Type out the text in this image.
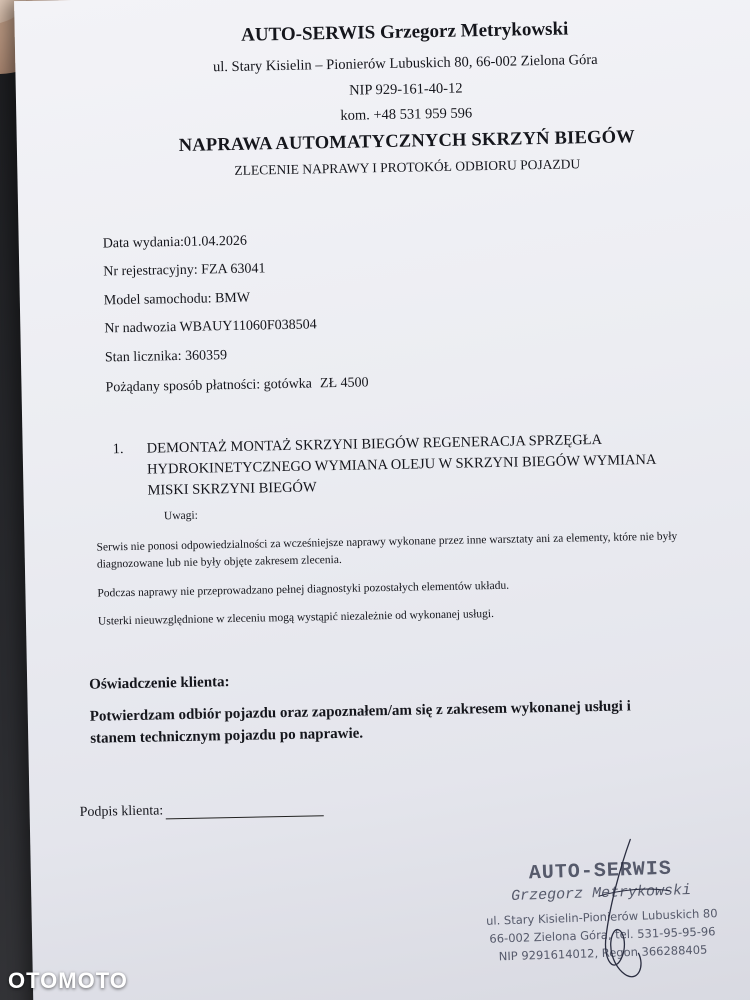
AUTO-SERWIS Grzegorz Metrykowski
ul. Stary Kisielin – Pionierów Lubuskich 80, 66-002 Zielona Góra
NIP 929-161-40-12
kom. +48 531 959 596
NAPRAWA AUTOMATYCZNYCH SKRZYŃ BIEGÓW
ZLECENIE NAPRAWY I PROTOKÓŁ ODBIORU POJAZDU
Data wydania:01.04.2026
Nr rejestracyjny: FZA 63041
Model samochodu: BMW
Nr nadwozia WBAUY11060F038504
Stan licznika: 360359
Pożądany sposób płatności: gotówka ZŁ 4500
1.	DEMONTAŻ MONTAŻ SKRZYNI BIEGÓW REGENERACJA SPRZĘGŁA HYDROKINETYCZNEGO WYMIANA OLEJU W SKRZYNI BIEGÓW WYMIANA MISKI SKRZYNI BIEGÓW
Uwagi:
Serwis nie ponosi odpowiedzialności za wcześniejsze naprawy wykonane przez inne warsztaty ani za elementy, które nie były diagnozowane lub nie były objęte zakresem zlecenia.
Podczas naprawy nie przeprowadzano pełnej diagnostyki pozostałych elementów układu.
Usterki nieuwzględnione w zleceniu mogą wystąpić niezależnie od wykonanej usługi.
Oświadczenie klienta:
Potwierdzam odbiór pojazdu oraz zapoznałem/am się z zakresem wykonanej usługi i stanem technicznym pojazdu po naprawie.
Podpis klienta:
AUTO-SERWIS
Grzegorz Metrykowski
ul. Stary Kisielin-Pionierów Lubuskich 80
66-002 Zielona Góra, tel. 531-95-95-96
NIP 9291614012, Regon 366288405
OTOMOTO
